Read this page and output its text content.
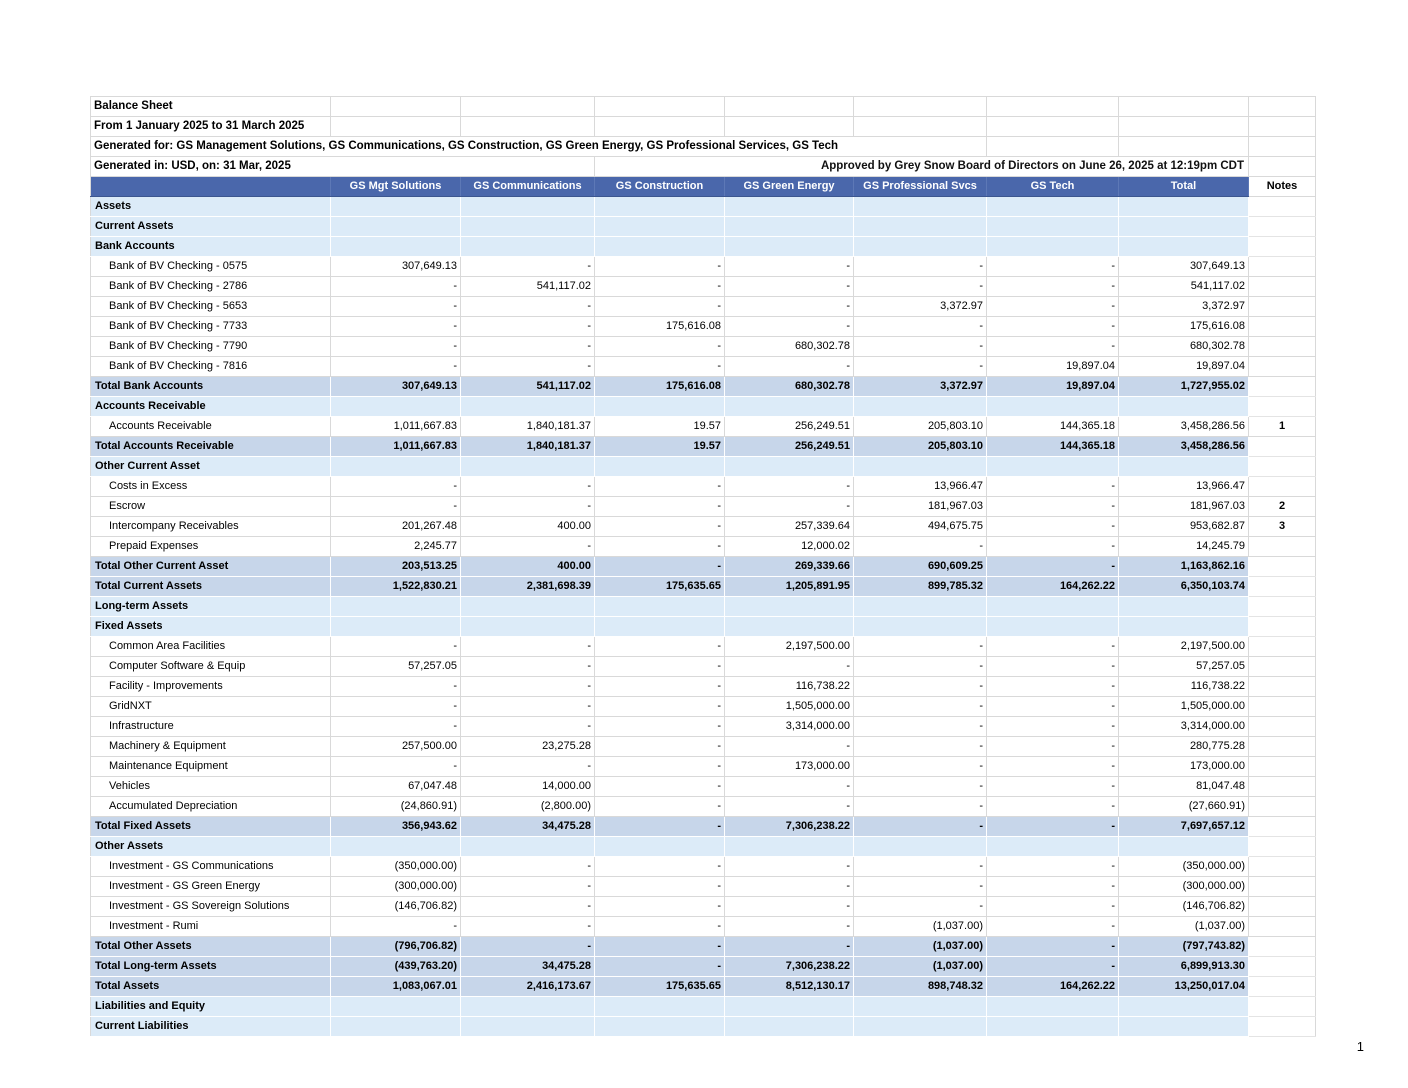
Balance Sheet								
From 1 January 2025 to 31 March 2025								
Generated for: GS Management Solutions, GS Communications, GS Construction, GS Green Energy, GS Professional Services, GS Tech								
Generated in: USD, on: 31 Mar, 2025			Approved by Grey Snow Board of Directors on June 26, 2025 at 12:19pm CDT					
	GS Mgt Solutions	GS Communications	GS Construction	GS Green Energy	GS Professional Svcs	GS Tech	Total	Notes
Assets								
Current Assets								
Bank Accounts								
Bank of BV Checking - 0575	307,649.13	-	-	-	-	-	307,649.13	
Bank of BV Checking - 2786	-	541,117.02	-	-	-	-	541,117.02	
Bank of BV Checking - 5653	-	-	-	-	3,372.97	-	3,372.97	
Bank of BV Checking - 7733	-	-	175,616.08	-	-	-	175,616.08	
Bank of BV Checking - 7790	-	-	-	680,302.78	-	-	680,302.78	
Bank of BV Checking - 7816	-	-	-	-	-	19,897.04	19,897.04	
Total Bank Accounts	307,649.13	541,117.02	175,616.08	680,302.78	3,372.97	19,897.04	1,727,955.02	
Accounts Receivable								
Accounts Receivable	1,011,667.83	1,840,181.37	19.57	256,249.51	205,803.10	144,365.18	3,458,286.56	1
Total Accounts Receivable	1,011,667.83	1,840,181.37	19.57	256,249.51	205,803.10	144,365.18	3,458,286.56	
Other Current Asset								
Costs in Excess	-	-	-	-	13,966.47	-	13,966.47	
Escrow	-	-	-	-	181,967.03	-	181,967.03	2
Intercompany Receivables	201,267.48	400.00	-	257,339.64	494,675.75	-	953,682.87	3
Prepaid Expenses	2,245.77	-	-	12,000.02	-	-	14,245.79	
Total Other Current Asset	203,513.25	400.00	-	269,339.66	690,609.25	-	1,163,862.16	
Total Current Assets	1,522,830.21	2,381,698.39	175,635.65	1,205,891.95	899,785.32	164,262.22	6,350,103.74	
Long-term Assets								
Fixed Assets								
Common Area Facilities	-	-	-	2,197,500.00	-	-	2,197,500.00	
Computer Software & Equip	57,257.05	-	-	-	-	-	57,257.05	
Facility - Improvements	-	-	-	116,738.22	-	-	116,738.22	
GridNXT	-	-	-	1,505,000.00	-	-	1,505,000.00	
Infrastructure	-	-	-	3,314,000.00	-	-	3,314,000.00	
Machinery & Equipment	257,500.00	23,275.28	-	-	-	-	280,775.28	
Maintenance Equipment	-	-	-	173,000.00	-	-	173,000.00	
Vehicles	67,047.48	14,000.00	-	-	-	-	81,047.48	
Accumulated Depreciation	(24,860.91)	(2,800.00)	-	-	-	-	(27,660.91)	
Total Fixed Assets	356,943.62	34,475.28	-	7,306,238.22	-	-	7,697,657.12	
Other Assets								
Investment - GS Communications	(350,000.00)	-	-	-	-	-	(350,000.00)	
Investment - GS Green Energy	(300,000.00)	-	-	-	-	-	(300,000.00)	
Investment - GS Sovereign Solutions	(146,706.82)	-	-	-	-	-	(146,706.82)	
Investment - Rumi	-	-	-	-	(1,037.00)	-	(1,037.00)	
Total Other Assets	(796,706.82)	-	-	-	(1,037.00)	-	(797,743.82)	
Total Long-term Assets	(439,763.20)	34,475.28	-	7,306,238.22	(1,037.00)	-	6,899,913.30	
Total Assets	1,083,067.01	2,416,173.67	175,635.65	8,512,130.17	898,748.32	164,262.22	13,250,017.04	
Liabilities and Equity								
Current Liabilities								
1
